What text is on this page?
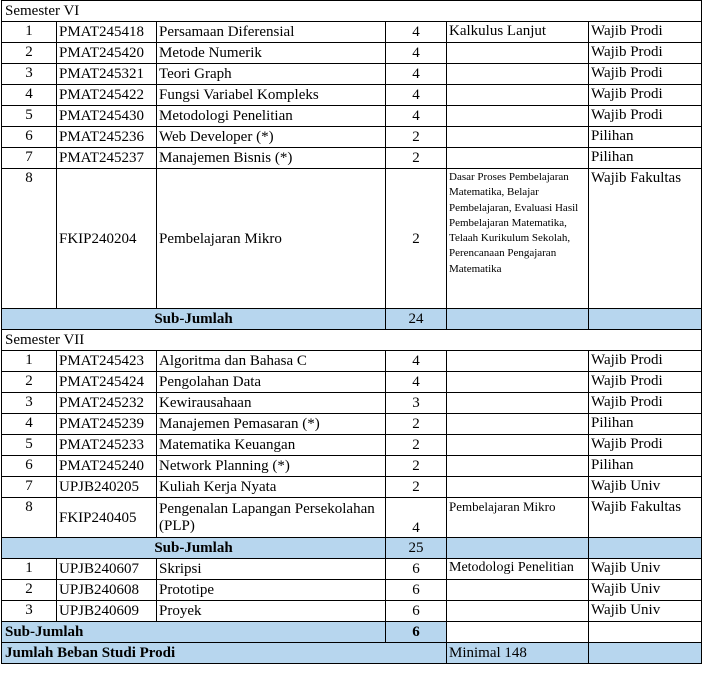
Semester VI					
1	PMAT245418	Persamaan Diferensial	4	Kalkulus Lanjut	Wajib Prodi
2	PMAT245420	Metode Numerik	4		Wajib Prodi
3	PMAT245321	Teori Graph	4		Wajib Prodi
4	PMAT245422	Fungsi Variabel Kompleks	4		Wajib Prodi
5	PMAT245430	Metodologi Penelitian	4		Wajib Prodi
6	PMAT245236	Web Developer (*)	2		Pilihan
7	PMAT245237	Manajemen Bisnis (*)	2		Pilihan
8	FKIP240204	Pembelajaran Mikro	2	Dasar Proses Pembelajaran Matematika, Belajar Pembelajaran, Evaluasi Hasil Pembelajaran Matematika, Telaah Kurikulum Sekolah, Perencanaan Pengajaran Matematika	Wajib Fakultas
Sub-Jumlah			24		
Semester VII					
1	PMAT245423	Algoritma dan Bahasa C	4		Wajib Prodi
2	PMAT245424	Pengolahan Data	4		Wajib Prodi
3	PMAT245232	Kewirausahaan	3		Wajib Prodi
4	PMAT245239	Manajemen Pemasaran (*)	2		Pilihan
5	PMAT245233	Matematika Keuangan	2		Wajib Prodi
6	PMAT245240	Network Planning (*)	2		Pilihan
7	UPJB240205	Kuliah Kerja Nyata	2		Wajib Univ
8	FKIP240405	Pengenalan Lapangan Persekolahan (PLP)	4	Pembelajaran Mikro	Wajib Fakultas
Sub-Jumlah			25		
1	UPJB240607	Skripsi	6	Metodologi Penelitian	Wajib Univ
2	UPJB240608	Prototipe	6		Wajib Univ
3	UPJB240609	Proyek	6		Wajib Univ
Sub-Jumlah			6		
Jumlah Beban Studi Prodi				Minimal 148	
